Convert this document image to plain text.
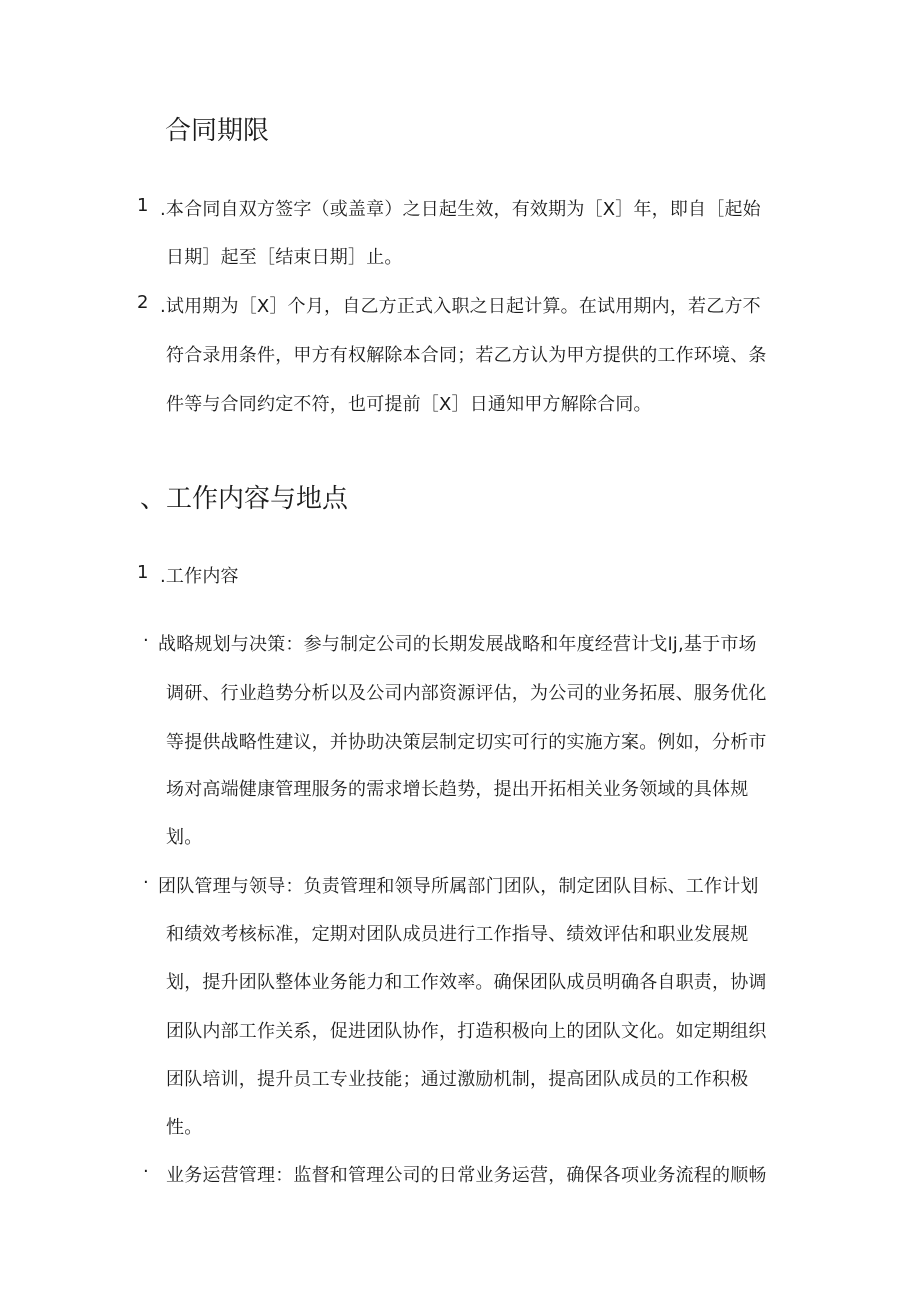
合同期限
1 .本合同自双方签字（或盖章）之日起生效，有效期为［X］年，即自［起始
日期］起至［结束日期］止。
2 .试用期为［X］个月，自乙方正式入职之日起计算。在试用期内，若乙方不
符合录用条件，甲方有权解除本合同；若乙方认为甲方提供的工作环境、条
件等与合同约定不符，也可提前［X］日通知甲方解除合同。
、工作内容与地点
1 .工作内容
· 战略规划与决策：参与制定公司的长期发展战略和年度经营计戈lj,基于市场
调研、行业趋势分析以及公司内部资源评估，为公司的业务拓展、服务优化
等提供战略性建议，并协助决策层制定切实可行的实施方案。例如，分析市
场对高端健康管理服务的需求增长趋势，提出开拓相关业务领域的具体规
划。
· 团队管理与领导：负责管理和领导所属部门团队，制定团队目标、工作计划
和绩效考核标准，定期对团队成员进行工作指导、绩效评估和职业发展规
划，提升团队整体业务能力和工作效率。确保团队成员明确各自职责，协调
团队内部工作关系，促进团队协作，打造积极向上的团队文化。如定期组织
团队培训，提升员工专业技能；通过激励机制，提高团队成员的工作积极
性。
· 业务运营管理：监督和管理公司的日常业务运营，确保各项业务流程的顺畅
